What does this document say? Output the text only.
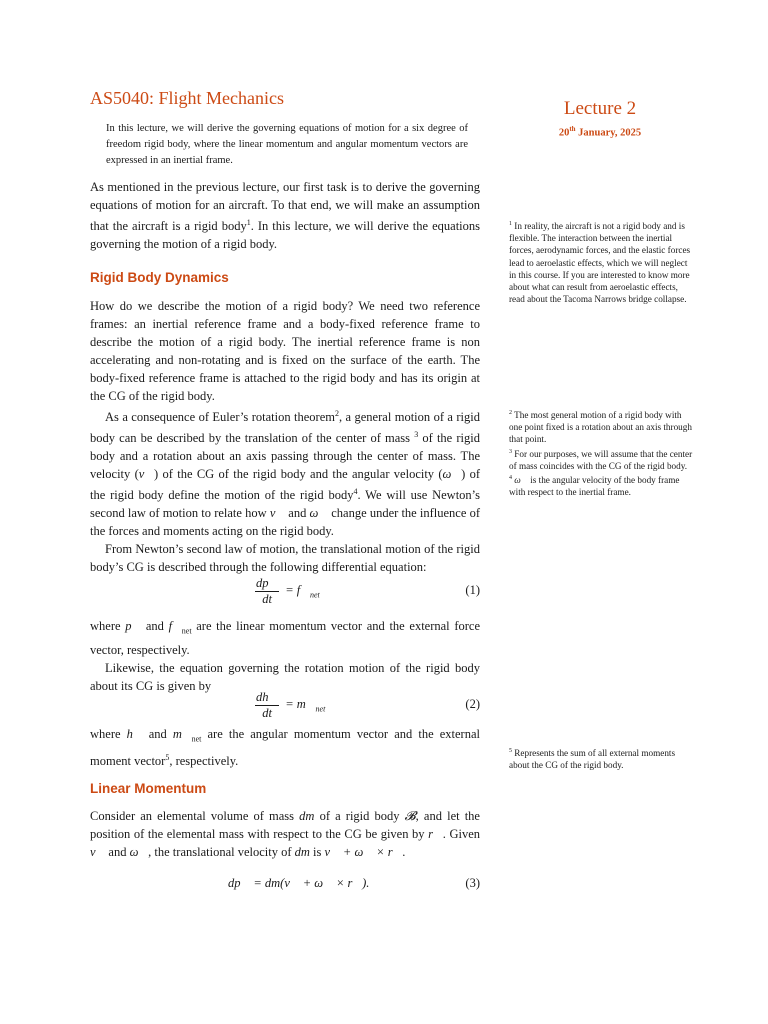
AS5040: Flight Mechanics	Lecture 2
20th January, 2025
In this lecture, we will derive the governing equations of motion for a six degree of freedom rigid body, where the linear momentum and angular momentum vectors are expressed in an inertial frame.

As mentioned in the previous lecture, our first task is to derive the governing equations of motion for an aircraft. To that end, we will make an assumption that the aircraft is a rigid body$^1$. In this lecture, we will derive the equations governing the motion of a rigid body.

Rigid Body Dynamics

How do we describe the motion of a rigid body? We need two reference frames: an inertial reference frame and a body-fixed reference frame to describe the motion of a rigid body. The inertial reference frame is non accelerating and non-rotating and is fixed on the surface of the earth. The body-fixed reference frame is attached to the rigid body and has its origin at the CG of the rigid body.

As a consequence of Euler’s rotation theorem$^2$, a general motion of a rigid body can be described by the translation of the center of mass $^3$ of the rigid body and a rotation about an axis passing through the center of mass. The velocity (v⃗) of the CG of the rigid body and the angular velocity (ω⃗) of the rigid body define the motion of the rigid body$^4$. We will use Newton’s second law of motion to relate how v⃗ and ω⃗ change under the influence of the forces and moments acting on the rigid body.

From Newton’s second law of motion, the translational motion of the rigid body’s CG is described through the following differential equation:

$\frac{dp⃗}{dt}$ = $f⃗_{net}$	(1)

where p⃗ and $f⃗_{net}$ are the linear momentum vector and the external force vector, respectively.

Likewise, the equation governing the rotation motion of the rigid body about its CG is given by

$\frac{dh⃗}{dt}$ = $m⃗_{net}$	(2)

where h⃗ and $m⃗_{net}$ are the angular momentum vector and the external moment vector$^5$, respectively.

Linear Momentum

Consider an elemental volume of mass dm of a rigid body 𝓑, and let the position of the elemental mass with respect to the CG be given by r⃗. Given v⃗ and ω⃗, the translational velocity of dm is v⃗ + ω⃗ × r⃗.

dp⃗ = dm(v⃗ + ω⃗ × r⃗).	(3)

$^1$ In reality, the aircraft is not a rigid body and is flexible. The interaction between the inertial forces, aerodynamic forces, and the elastic forces lead to aeroelastic effects, which we will neglect in this course. If you are interested to know more about what can result from aeroelastic effects, read about the Tacoma Narrows bridge collapse.

$^2$ The most general motion of a rigid body with one point fixed is a rotation about an axis through that point.

$^3$ For our purposes, we will assume that the center of mass coincides with the CG of the rigid body.

$^4$ ω⃗ is the angular velocity of the body frame with respect to the inertial frame.

$^5$ Represents the sum of all external moments about the CG of the rigid body.
